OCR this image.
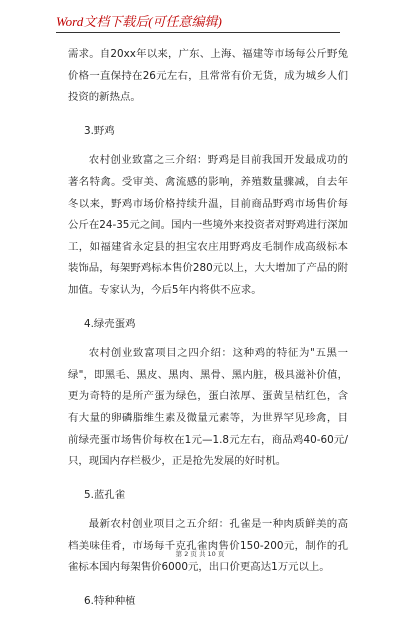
Word文档下载后(可任意编辑)

需求。自20xx年以来，广东、上海、福建等市场每公斤野兔价格一直保持在26元左右，且常常有价无货，成为城乡人们投资的新热点。

3.野鸡

农村创业致富之三介绍：野鸡是目前我国开发最成功的著名特禽。受审美、禽流感的影响，养殖数量骤减，自去年冬以来，野鸡市场价格持续升温，目前商品野鸡市场售价每公斤在24-35元之间。国内一些境外来投资者对野鸡进行深加工，如福建省永定县的担宝农庄用野鸡皮毛制作成高级标本装饰品，每架野鸡标本售价280元以上，大大增加了产品的附加值。专家认为，今后5年内将供不应求。

4.绿壳蛋鸡

农村创业致富项目之四介绍：这种鸡的特征为"五黑一绿"，即黑毛、黑皮、黑肉、黑骨、黑内脏，极具滋补价值，更为奇特的是所产蛋为绿色，蛋白浓厚、蛋黄呈桔红色，含有大量的卵磷脂维生素及微量元素等，为世界罕见珍禽，目前绿壳蛋市场售价每枚在1元—1.8元左右，商品鸡40-60元/只，现国内存栏极少，正是抢先发展的好时机。

5.蓝孔雀

最新农村创业项目之五介绍：孔雀是一种肉质鲜美的高档美味佳肴，市场每千克孔雀肉售价150-200元，制作的孔雀标本国内每架售价6000元，出口价更高达1万元以上。

6.特种种植

第 2 页 共 10 页
